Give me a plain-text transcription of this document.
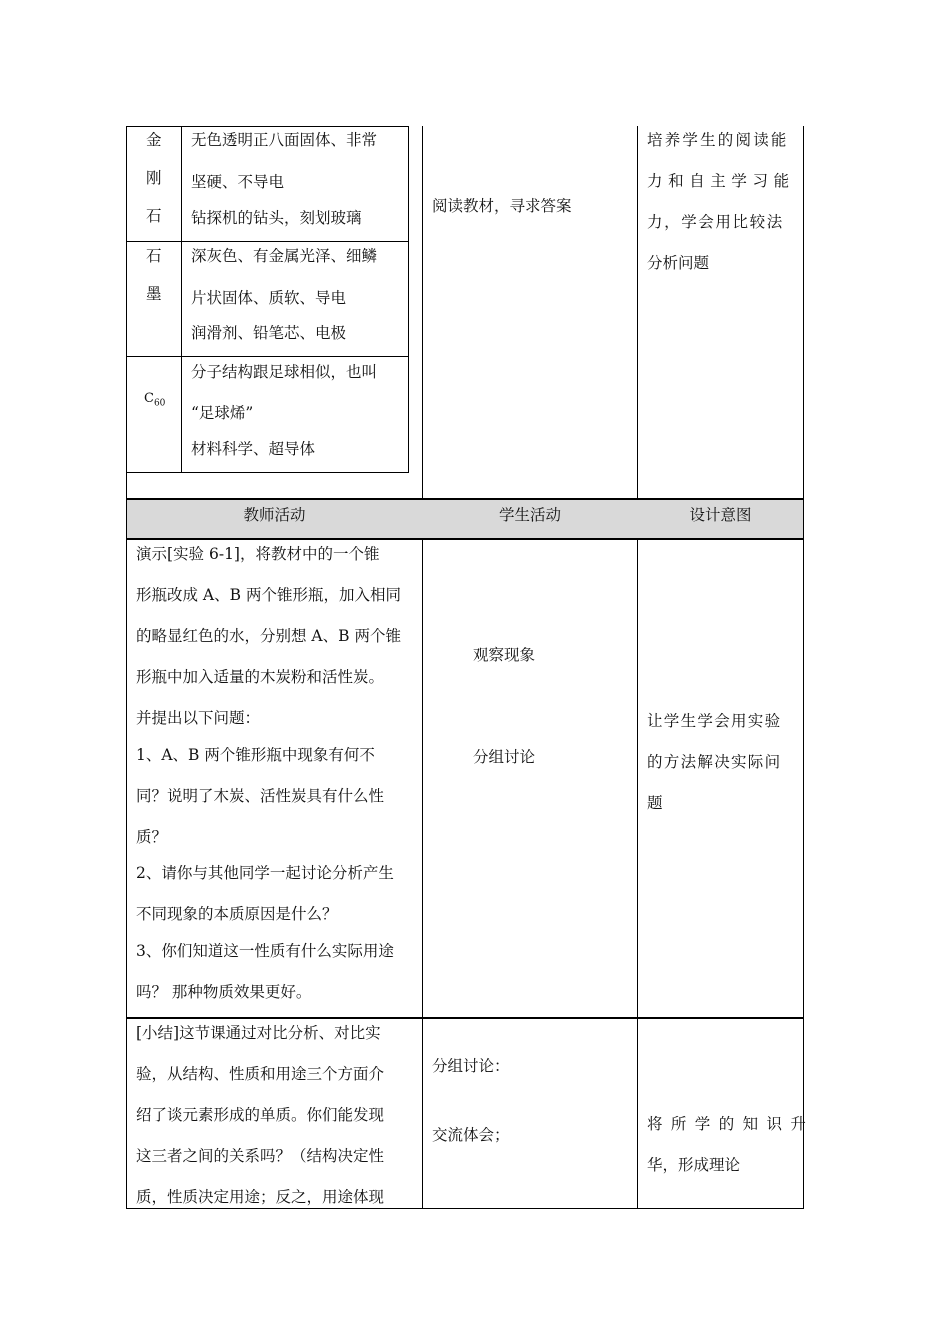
金
刚
石
无色透明正八面固体、非常
坚硬、不导电
钻探机的钻头，刻划玻璃
石
墨
深灰色、有金属光泽、细鳞
片状固体、质软、导电
润滑剂、铅笔芯、电极
$C_{60}$
分子结构跟足球相似，也叫
“足球烯”
材料科学、超导体
阅读教材，寻求答案
培养学生的阅读能
力和自主学习能
力，学会用比较法
分析问题
教师活动	学生活动	设计意图
演示[实验 6-1]，将教材中的一个锥
形瓶改成 A、B 两个锥形瓶，加入相同
的略显红色的水，分别想 A、B 两个锥
形瓶中加入适量的木炭粉和活性炭。
并提出以下问题：
1、A、B 两个锥形瓶中现象有何不
同？说明了木炭、活性炭具有什么性
质？
2、请你与其他同学一起讨论分析产生
不同现象的本质原因是什么？
3、你们知道这一性质有什么实际用途
吗？ 那种物质效果更好。
观察现象
分组讨论
让学生学会用实验
的方法解决实际问
题
[小结]这节课通过对比分析、对比实
验，从结构、性质和用途三个方面介
绍了谈元素形成的单质。你们能发现
这三者之间的关系吗？（结构决定性
质，性质决定用途；反之，用途体现
分组讨论：
交流体会；
将所学的知识升
华，形成理论
